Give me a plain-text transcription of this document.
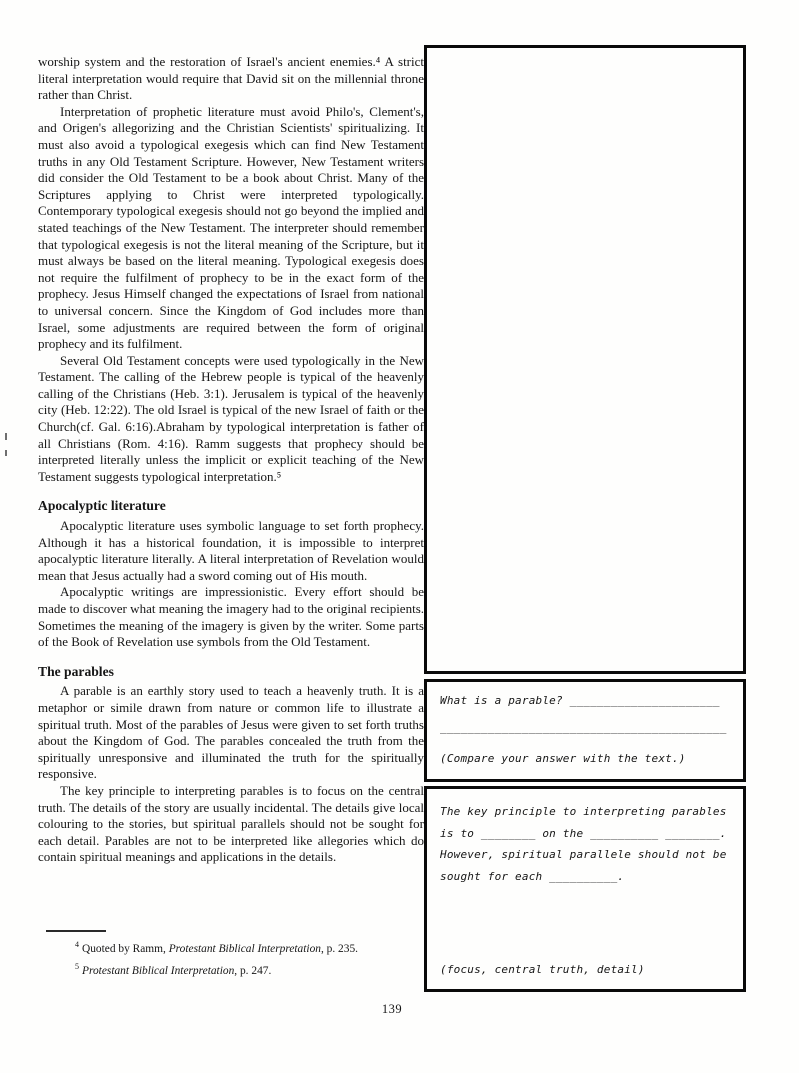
worship system and the restoration of Israel's ancient enemies.⁴ A strict literal interpretation would require that David sit on the millennial throne rather than Christ.

Interpretation of prophetic literature must avoid Philo's, Clement's, and Origen's allegorizing and the Christian Scientists' spiritualizing. It must also avoid a typological exegesis which can find New Testament truths in any Old Testament Scripture. However, New Testament writers did consider the Old Testament to be a book about Christ. Many of the Scriptures applying to Christ were interpreted typologically. Contemporary typological exegesis should not go beyond the implied and stated teachings of the New Testament. The interpreter should remember that typological exegesis is not the literal meaning of the Scripture, but it must always be based on the literal meaning. Typological exegesis does not require the fulfilment of prophecy to be in the exact form of the prophecy. Jesus Himself changed the expectations of Israel from national to universal concern. Since the Kingdom of God includes more than Israel, some adjustments are required between the form of original prophecy and its fulfilment.

Several Old Testament concepts were used typologically in the New Testament. The calling of the Hebrew people is typical of the heavenly calling of the Christians (Heb. 3:1). Jerusalem is typical of the heavenly city (Heb. 12:22). The old Israel is typical of the new Israel of faith or the Church(cf. Gal. 6:16).Abraham by typological interpretation is father of all Christians (Rom. 4:16). Ramm suggests that prophecy should be interpreted literally unless the implicit or explicit teaching of the New Testament suggests typological interpretation.⁵

Apocalyptic literature

Apocalyptic literature uses symbolic language to set forth prophecy. Although it has a historical foundation, it is impossible to interpret apocalyptic literature literally. A literal interpretation of Revelation would mean that Jesus actually had a sword coming out of His mouth.

Apocalyptic writings are impressionistic. Every effort should be made to discover what meaning the imagery had to the original recipients. Sometimes the meaning of the imagery is given by the writer. Some parts of the Book of Revelation use symbols from the Old Testament.

The parables

A parable is an earthly story used to teach a heavenly truth. It is a metaphor or simile drawn from nature or common life to illustrate a spiritual truth. Most of the parables of Jesus were given to set forth truths about the Kingdom of God. The parables concealed the truth from the spiritually unresponsive and illuminated the truth for the spiritually responsive.

The key principle to interpreting parables is to focus on the central truth. The details of the story are usually incidental. The details give local colouring to the stories, but spiritual parallels should not be sought for each detail. Parables are not to be interpreted like allegories which do contain spiritual meanings and applications in the details.

$^4$ Quoted by Ramm, Protestant Biblical Interpretation, p. 235.

$^5$ Protestant Biblical Interpretation, p. 247.

What is a parable? ______________________
__________________________________________
(Compare your answer with the text.)
The key principle to interpreting parables
is to ________ on the __________ ________.
However, spiritual parallele should not be
sought for each __________.
(focus, central truth, detail)
139
